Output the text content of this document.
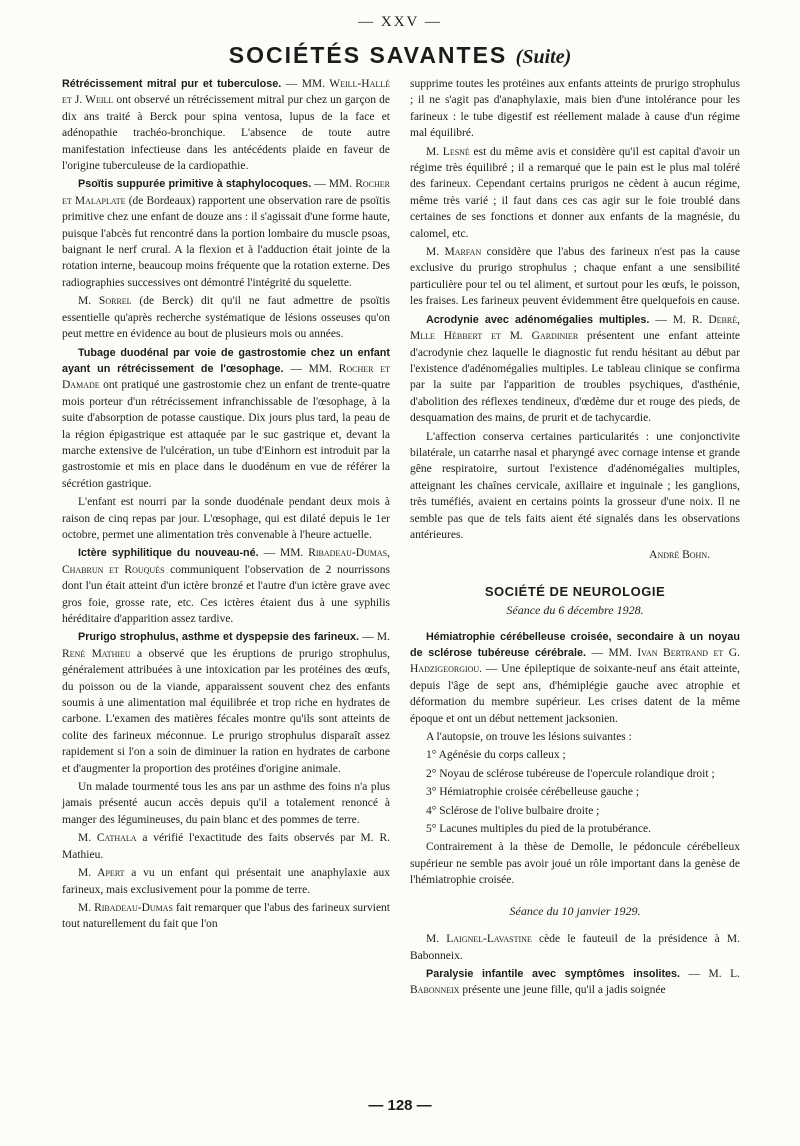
— XXV —
SOCIÉTÉS SAVANTES (Suite)

Rétrécissement mitral pur et tuberculose. — MM. Weill-Hallé et J. Weill ont observé un rétrécissement mitral pur chez un garçon de dix ans traité à Berck pour spina ventosa, lupus de la face et adénopathie trachéo-bronchique. L'absence de toute autre manifestation infectieuse dans les antécédents plaide en faveur de l'origine tuberculeuse de la cardiopathie.

Psoïtis suppurée primitive à staphylocoques. — MM. Rocher et Malaplate (de Bordeaux) rapportent une observation rare de psoïtis primitive chez une enfant de douze ans : il s'agissait d'une forme haute, puisque l'abcès fut rencontré dans la portion lombaire du muscle psoas, baignant le nerf crural. A la flexion et à l'adduction était jointe de la rotation interne, beaucoup moins fréquente que la rotation externe. Des radiographies successives ont démontré l'intégrité du squelette.

M. Sorrel (de Berck) dit qu'il ne faut admettre de psoïtis essentielle qu'après recherche systématique de lésions osseuses qu'on peut mettre en évidence au bout de plusieurs mois ou années.

Tubage duodénal par voie de gastrostomie chez un enfant ayant un rétrécissement de l'œsophage. — MM. Rocher et Damade ont pratiqué une gastrostomie chez un enfant de trente-quatre mois porteur d'un rétrécissement infranchissable de l'œsophage, à la suite d'absorption de potasse caustique. Dix jours plus tard, la peau de la région épigastrique est attaquée par le suc gastrique et, devant la marche extensive de l'ulcération, un tube d'Einhorn est introduit par la gastrostomie et mis en place dans le duodénum en vue de référer la sécrétion gastrique.

L'enfant est nourri par la sonde duodénale pendant deux mois à raison de cinq repas par jour. L'œsophage, qui est dilaté depuis le 1er octobre, permet une alimentation très convenable à l'heure actuelle.

Ictère syphilitique du nouveau-né. — MM. Ribadeau-Dumas, Chabrun et Rouquès communiquent l'observation de 2 nourrissons dont l'un était atteint d'un ictère bronzé et l'autre d'un ictère grave avec gros foie, grosse rate, etc. Ces ictères étaient dus à une syphilis héréditaire d'apparition assez tardive.

Prurigo strophulus, asthme et dyspepsie des farineux. — M. René Mathieu a observé que les éruptions de prurigo strophulus, généralement attribuées à une intoxication par les protéines des œufs, du poisson ou de la viande, apparaissent souvent chez des enfants soumis à une alimentation mal équilibrée et trop riche en hydrates de carbone. L'examen des matières fécales montre qu'ils sont atteints de colite des farineux méconnue. Le prurigo strophulus disparaît assez rapidement si l'on a soin de diminuer la ration en hydrates de carbone et d'augmenter la proportion des protéines d'origine animale.

Un malade tourmenté tous les ans par un asthme des foins n'a plus jamais présenté aucun accès depuis qu'il a totalement renoncé à manger des légumineuses, du pain blanc et des pommes de terre.

M. Cathala a vérifié l'exactitude des faits observés par M. R. Mathieu.

M. Apert a vu un enfant qui présentait une anaphylaxie aux farineux, mais exclusivement pour la pomme de terre.

M. Ribadeau-Dumas fait remarquer que l'abus des farineux survient tout naturellement du fait que l'on

supprime toutes les protéines aux enfants atteints de prurigo strophulus ; il ne s'agit pas d'anaphylaxie, mais bien d'une intolérance pour les farineux : le tube digestif est réellement malade à cause d'un régime mal équilibré.

M. Lesné est du même avis et considère qu'il est capital d'avoir un régime très équilibré ; il a remarqué que le pain est le plus mal toléré des farineux. Cependant certains prurigos ne cèdent à aucun régime, même très varié ; il faut dans ces cas agir sur le foie troublé dans certaines de ses fonctions et donner aux enfants de la magnésie, du calomel, etc.

M. Marfan considère que l'abus des farineux n'est pas la cause exclusive du prurigo strophulus ; chaque enfant a une sensibilité particulière pour tel ou tel aliment, et surtout pour les œufs, le poisson, les fraises. Les farineux peuvent évidemment être quelquefois en cause.

Acrodynie avec adénomégalies multiples. — M. R. Debré, Mlle Hébbert et M. Gardinier présentent une enfant atteinte d'acrodynie chez laquelle le diagnostic fut rendu hésitant au début par l'existence d'adénomégalies multiples. Le tableau clinique se confirma par la suite par l'apparition de troubles psychiques, d'asthénie, d'abolition des réflexes tendineux, d'œdème dur et rouge des pieds, de desquamation des mains, de prurit et de tachycardie.

L'affection conserva certaines particularités : une conjonctivite bilatérale, un catarrhe nasal et pharyngé avec cornage intense et grande gêne respiratoire, surtout l'existence d'adénomégalies multiples, atteignant les chaînes cervicale, axillaire et inguinale ; les ganglions, très tuméfiés, avaient en certains points la grosseur d'une noix. Il ne semble pas que de tels faits aient été signalés dans les observations antérieures.

André Bohn.

SOCIÉTÉ DE NEUROLOGIE
Séance du 6 décembre 1928.

Hémiatrophie cérébelleuse croisée, secondaire à un noyau de sclérose tubéreuse cérébrale. — MM. Ivan Bertrand et G. Hadzigeorgiou. — Une épileptique de soixante-neuf ans était atteinte, depuis l'âge de sept ans, d'hémiplégie gauche avec atrophie et déformation du membre supérieur. Les crises datent de la même époque et ont un début nettement jacksonien.

A l'autopsie, on trouve les lésions suivantes :

1° Agénésie du corps calleux ;

2° Noyau de sclérose tubéreuse de l'opercule rolandique droit ;

3° Hémiatrophie croisée cérébelleuse gauche ;

4° Sclérose de l'olive bulbaire droite ;

5° Lacunes multiples du pied de la protubérance.

Contrairement à la thèse de Demolle, le pédoncule cérébelleux supérieur ne semble pas avoir joué un rôle important dans la genèse de l'hémiatrophie croisée.

Séance du 10 janvier 1929.

M. Laignel-Lavastine cède le fauteuil de la présidence à M. Babonneix.

Paralysie infantile avec symptômes insolites. — M. L. Babonneix présente une jeune fille, qu'il a jadis soignée

— 128 —
